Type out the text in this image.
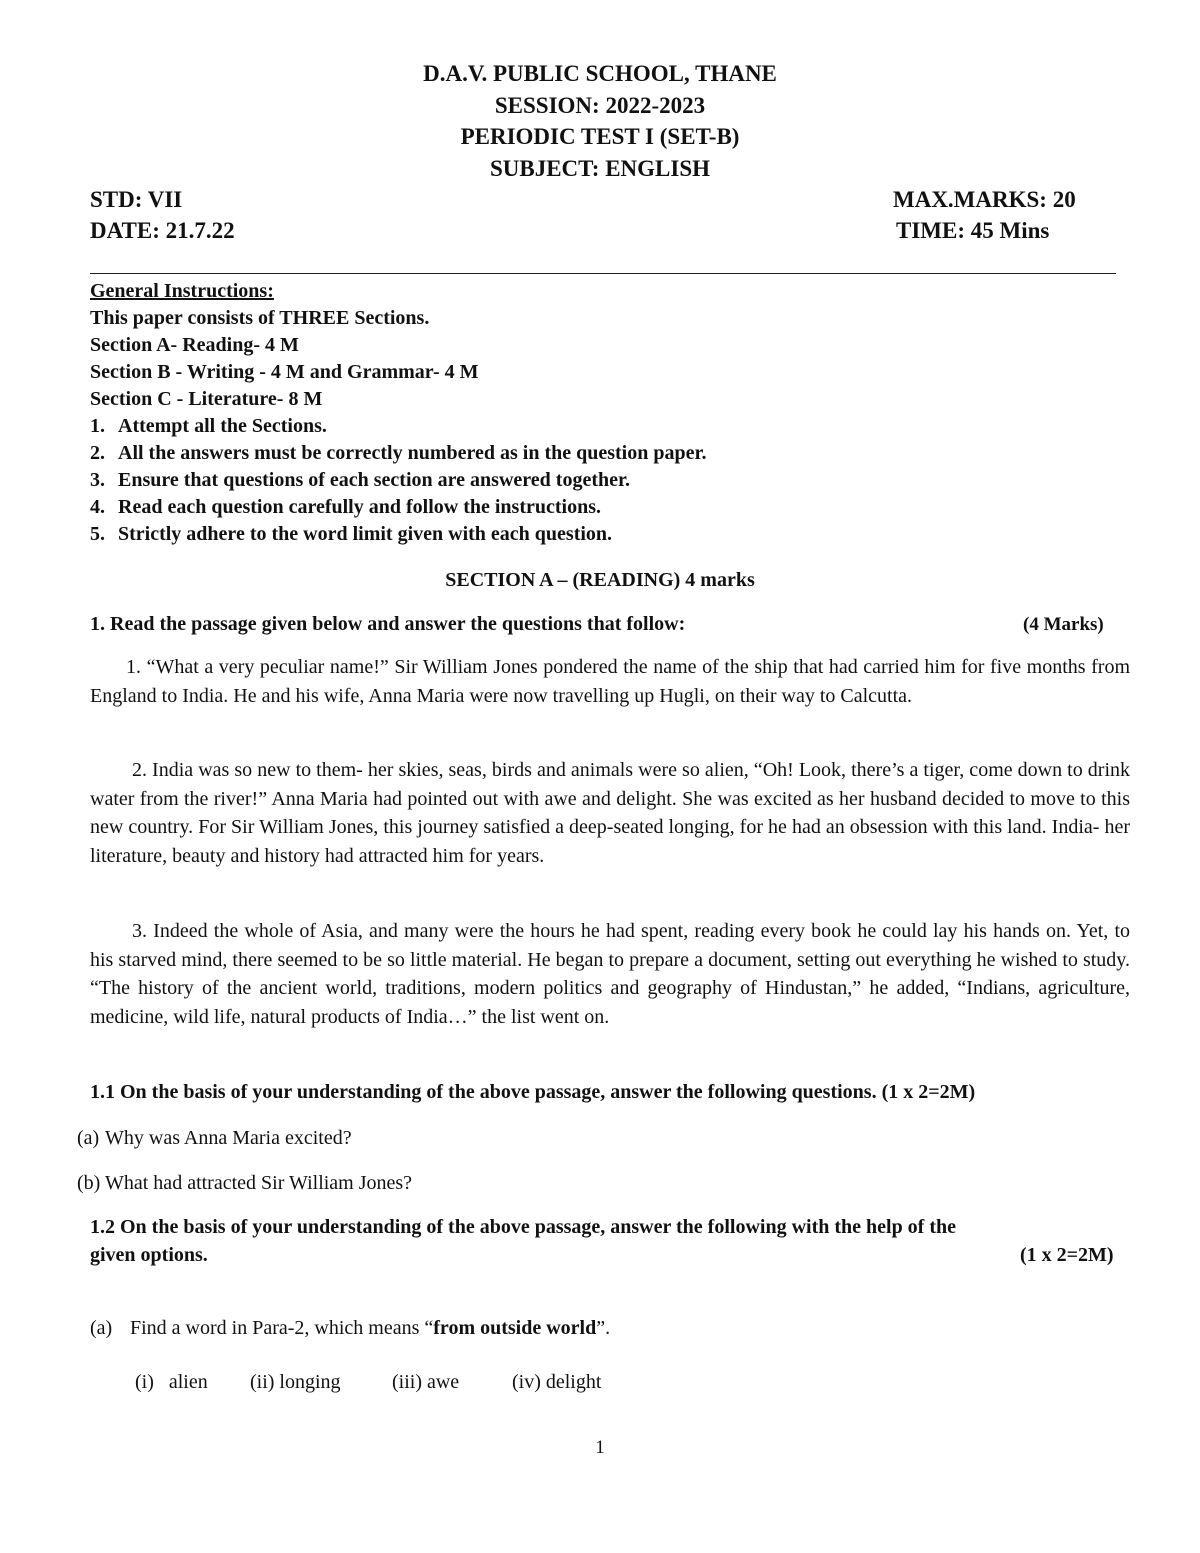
D.A.V. PUBLIC SCHOOL, THANE
SESSION: 2022-2023
PERIODIC TEST I (SET-B)
SUBJECT: ENGLISH
STD: VII	MAX.MARKS: 20
DATE: 21.7.22	TIME: 45 Mins
General Instructions:
This paper consists of THREE Sections.
Section A- Reading- 4 M
Section B - Writing - 4 M and Grammar- 4 M
Section C - Literature- 8 M
1. Attempt all the Sections.
2. All the answers must be correctly numbered as in the question paper.
3. Ensure that questions of each section are answered together.
4. Read each question carefully and follow the instructions.
5. Strictly adhere to the word limit given with each question.
SECTION A – (READING) 4 marks
1. Read the passage given below and answer the questions that follow:	(4 Marks)
1. “What a very peculiar name!” Sir William Jones pondered the name of the ship that had carried him for five months from England to India. He and his wife, Anna Maria were now travelling up Hugli, on their way to Calcutta.
2. India was so new to them- her skies, seas, birds and animals were so alien, “Oh! Look, there’s a tiger, come down to drink water from the river!” Anna Maria had pointed out with awe and delight. She was excited as her husband decided to move to this new country. For Sir William Jones, this journey satisfied a deep-seated longing, for he had an obsession with this land. India- her literature, beauty and history had attracted him for years.
3. Indeed the whole of Asia, and many were the hours he had spent, reading every book he could lay his hands on. Yet, to his starved mind, there seemed to be so little material. He began to prepare a document, setting out everything he wished to study. “The history of the ancient world, traditions, modern politics and geography of Hindustan,” he added, “Indians, agriculture, medicine, wild life, natural products of India…” the list went on.
1.1 On the basis of your understanding of the above passage, answer the following questions. (1 x 2=2M)
(a) Why was Anna Maria excited?
(b) What had attracted Sir William Jones?
1.2 On the basis of your understanding of the above passage, answer the following with the help of the
given options.	(1 x 2=2M)
(a) Find a word in Para-2, which means “from outside world”.
(i)   alien (ii) longing	(iii) awe	(iv) delight
1
